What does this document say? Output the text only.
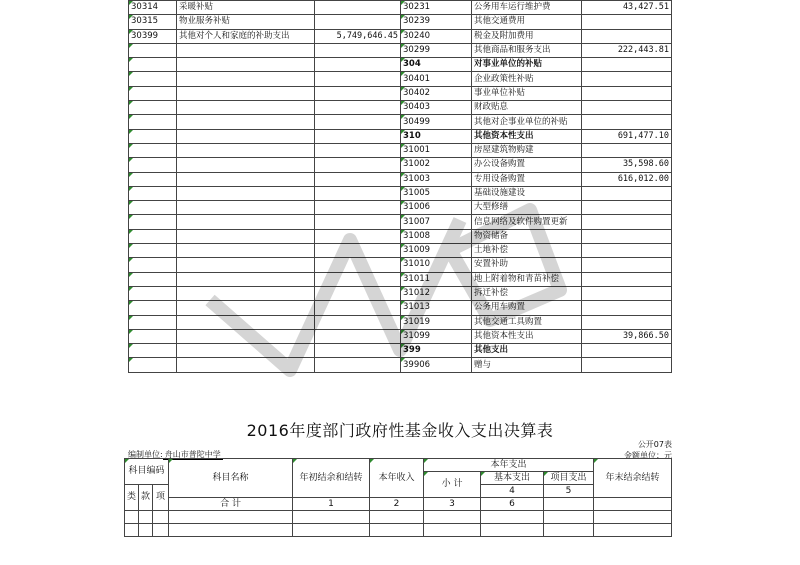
30314	采暖补贴		30231	公务用车运行维护费	43,427.51
30315	物业服务补贴		30239	其他交通费用	
30399	其他对个人和家庭的补助支出	5,749,646.45	30240	税金及附加费用	
			30299	其他商品和服务支出	222,443.81
			304	对事业单位的补贴	
			30401	企业政策性补贴	
			30402	事业单位补贴	
			30403	财政贴息	
			30499	其他对企事业单位的补贴	
			310	其他资本性支出	691,477.10
			31001	房屋建筑物购建	
			31002	办公设备购置	35,598.60
			31003	专用设备购置	616,012.00
			31005	基础设施建设	
			31006	大型修缮	
			31007	信息网络及软件购置更新	
			31008	物资储备	
			31009	土地补偿	
			31010	安置补助	
			31011	地上附着物和青苗补偿	
			31012	拆迁补偿	
			31013	公务用车购置	
			31019	其他交通工具购置	
			31099	其他资本性支出	39,866.50
			399	其他支出	
			39906	赠与	
2016年度部门政府性基金收入支出决算表
公开07表
编制单位: 舟山市普陀中学	金额单位：元
科目编码			科目名称	年初结余和结转	本年收入	本年支出			年末结余结转
						小 计	基本支出	项目支出	
类	款	项					4	5	
			合 计	1	2	3	6		
